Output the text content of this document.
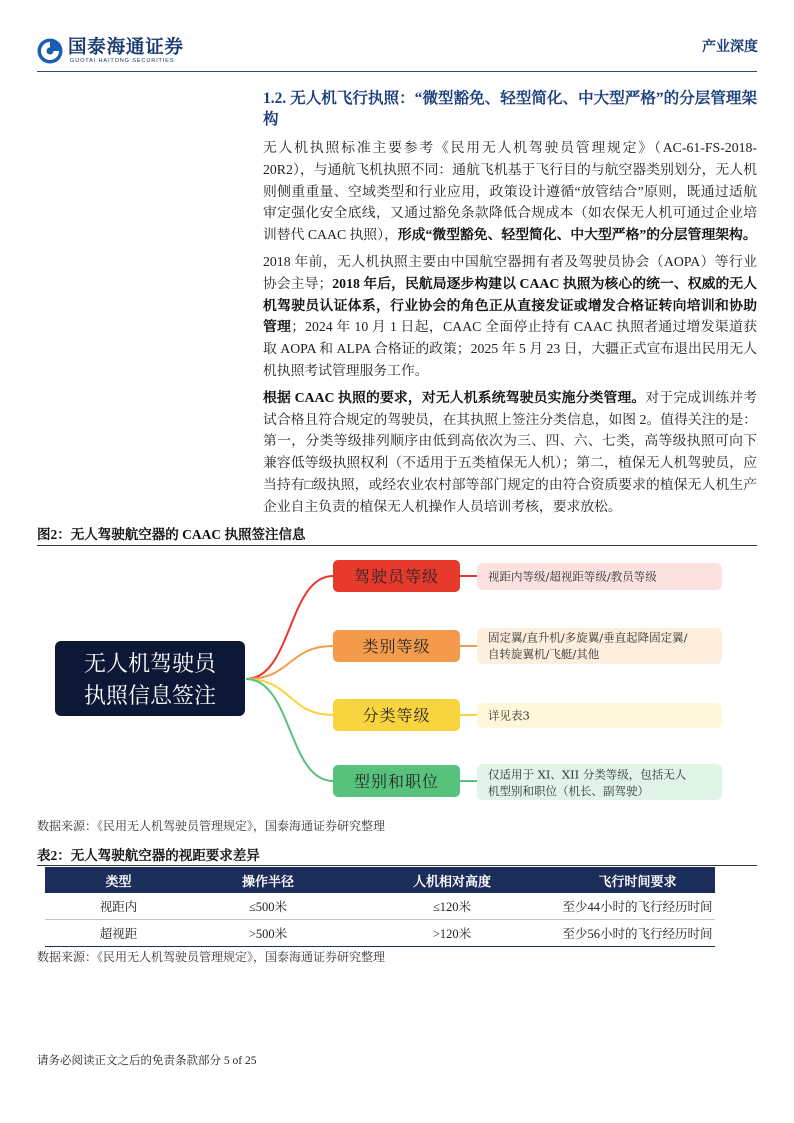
国泰海通证券
GUOTAI HAITONG SECURITIES
产业深度
1.2. 无人机飞行执照：“微型豁免、轻型简化、中大型严格”的分层管理架构

无人机执照标准主要参考《民用无人机驾驶员管理规定》（AC-61-FS-2018-20R2），与通航飞机执照不同：通航飞机基于飞行目的与航空器类别划分，无人机则侧重重量、空域类型和行业应用，政策设计遵循“放管结合”原则，既通过适航审定强化安全底线，又通过豁免条款降低合规成本（如农保无人机可通过企业培训替代 CAAC 执照），形成“微型豁免、轻型简化、中大型严格”的分层管理架构。

2018 年前，无人机执照主要由中国航空器拥有者及驾驶员协会（AOPA）等行业协会主导；2018 年后，民航局逐步构建以 CAAC 执照为核心的统一、权威的无人机驾驶员认证体系，行业协会的角色正从直接发证或增发合格证转向培训和协助管理；2024 年 10 月 1 日起，CAAC 全面停止持有 CAAC 执照者通过增发渠道获取 AOPA 和 ALPA 合格证的政策；2025 年 5 月 23 日，大疆正式宣布退出民用无人机执照考试管理服务工作。

根据 CAAC 执照的要求，对无人机系统驾驶员实施分类管理。对于完成训练并考试合格且符合规定的驾驶员，在其执照上签注分类信息，如图 2。值得关注的是：第一，分类等级排列顺序由低到高依次为三、四、六、七类，高等级执照可向下兼容低等级执照权利（不适用于五类植保无人机）；第二，植保无人机驾驶员，应当持有□级执照，或经农业农村部等部门规定的由符合资质要求的植保无人机生产企业自主负责的植保无人机操作人员培训考核，要求放松。

图2：无人驾驶航空器的 CAAC 执照签注信息
无人机驾驶员
执照信息签注
驾驶员等级	视距内等级/超视距等级/教员等级
类别等级	固定翼/直升机/多旋翼/垂直起降固定翼/
自转旋翼机/飞艇/其他
分类等级	详见表3
型别和职位	仅适用于 XI、XII 分类等级，包括无人
机型别和职位（机长、副驾驶）
数据来源：《民用无人机驾驶员管理规定》，国泰海通证券研究整理
表2：无人驾驶航空器的视距要求差异
类型	操作半径	人机相对高度	飞行时间要求
视距内	≤500米	≤120米	至少44小时的飞行经历时间
超视距	>500米	>120米	至少56小时的飞行经历时间
数据来源：《民用无人机驾驶员管理规定》，国泰海通证券研究整理
请务必阅读正文之后的免责条款部分 5 of 25
